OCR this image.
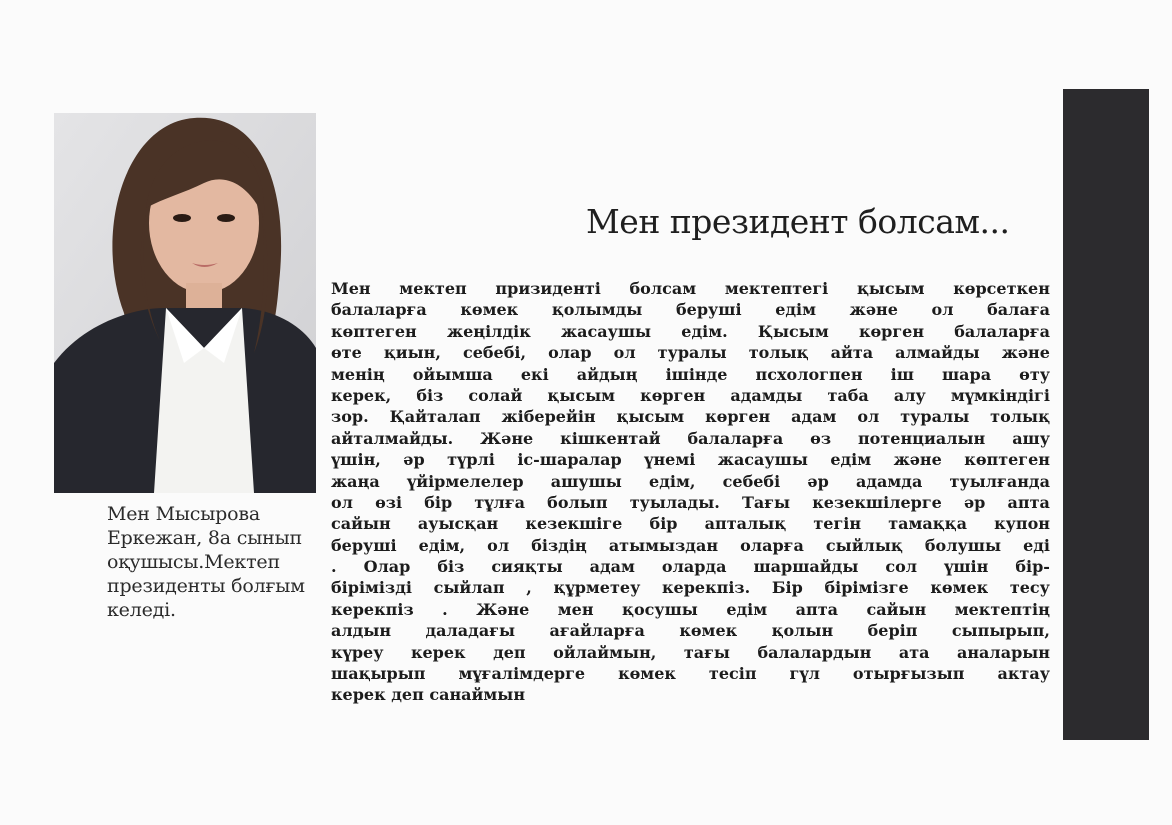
Мен Мысырова Еркежан, 8а сынып оқушысы.Мектеп президенты болғым келеді.
Мен президент болсам...
Мен мектеп призиденті болсам мектептегі қысым көрсеткен
балаларға көмек қолымды беруші едім және ол балаға
көптеген жеңілдік жасаушы едім. Қысым көрген балаларға
өте қиын, себебі, олар ол туралы толық айта алмайды және
менің ойымша екі айдың ішінде псхологпен іш шара өту
керек, біз солай қысым көрген адамды таба алу мүмкіндігі
зор. Қайталап жіберейін қысым көрген адам ол туралы толық
айталмайды. Және кішкентай балаларға өз потенциалын ашу
үшін, әр түрлі іс-шаралар үнемі жасаушы едім және көптеген
жаңа үйірмелелер ашушы едім, себебі әр адамда туылғанда
ол өзі бір тұлға болып туылады. Тағы кезекшілерге әр апта
сайын ауысқан кезекшіге бір апталық тегін тамаққа купон
беруші едім, ол біздің атымыздан оларға сыйлық болушы еді
. Олар біз сияқты адам оларда шаршайды сол үшін бір-
бірімізді сыйлап , құрметеу керекпіз. Бір бірімізге көмек тесу
керекпіз . Және мен қосушы едім апта сайын мектептің
алдын даладағы ағайларға көмек қолын беріп сыпырып,
күреу керек деп ойлаймын, тағы балалардын ата аналарын
шақырып мұғалімдерге көмек тесіп гүл отырғызып актау
керек деп санаймын
